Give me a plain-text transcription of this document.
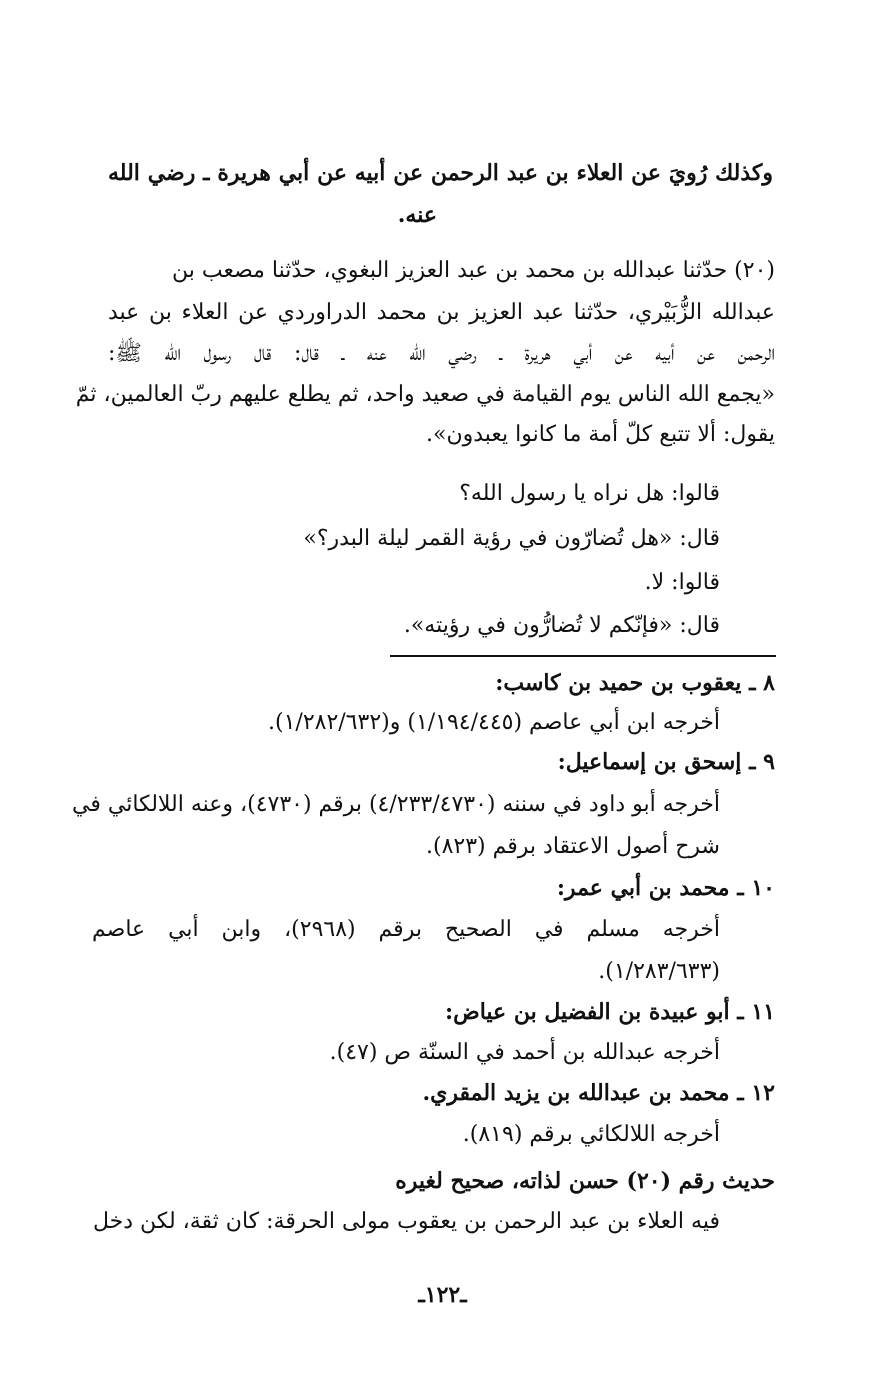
وكذلك رُويَ عن العلاء بن عبد الرحمن عن أبيه عن أبي هريرة ـ رضي الله
عنه.
(٢٠) حدّثنا عبدالله بن محمد بن عبد العزيز البغوي، حدّثنا مصعب بن
عبدالله الزُّبَيْري، حدّثنا عبد العزيز بن محمد الدراوردي عن العلاء بن عبد
الرحمن عن أبيه عن أبي هريرة ـ رضي الله عنه ـ قال: قال رسول الله ﷺ:
«يجمع الله الناس يوم القيامة في صعيد واحد، ثم يطلع عليهم ربّ العالمين، ثمّ
يقول: ألا تتبع كلّ أمة ما كانوا يعبدون».
قالوا: هل نراه يا رسول الله؟
قال: «هل تُضارّون في رؤية القمر ليلة البدر؟»
قالوا: لا.
قال: «فإنّكم لا تُضارُّون في رؤيته».
٨ ـ يعقوب بن حميد بن كاسب:
أخرجه ابن أبي عاصم (١/١٩٤/٤٤٥) و(١/٢٨٢/٦٣٢).
٩ ـ إسحق بن إسماعيل:
أخرجه أبو داود في سننه (٤/٢٣٣/٤٧٣٠) برقم (٤٧٣٠)، وعنه اللالكائي في
شرح أصول الاعتقاد برقم (٨٢٣).
١٠ ـ محمد بن أبي عمر:
أخرجه مسلم في الصحيح برقم (٢٩٦٨)، وابن أبي عاصم
(١/٢٨٣/٦٣٣).
١١ ـ أبو عبيدة بن الفضيل بن عياض:
أخرجه عبدالله بن أحمد في السنّة ص (٤٧).
١٢ ـ محمد بن عبدالله بن يزيد المقري.
أخرجه اللالكائي برقم (٨١٩).
حديث رقم (٢٠) حسن لذاته، صحيح لغيره
فيه العلاء بن عبد الرحمن بن يعقوب مولى الحرقة: كان ثقة، لكن دخل
ـ١٢٢ـ
